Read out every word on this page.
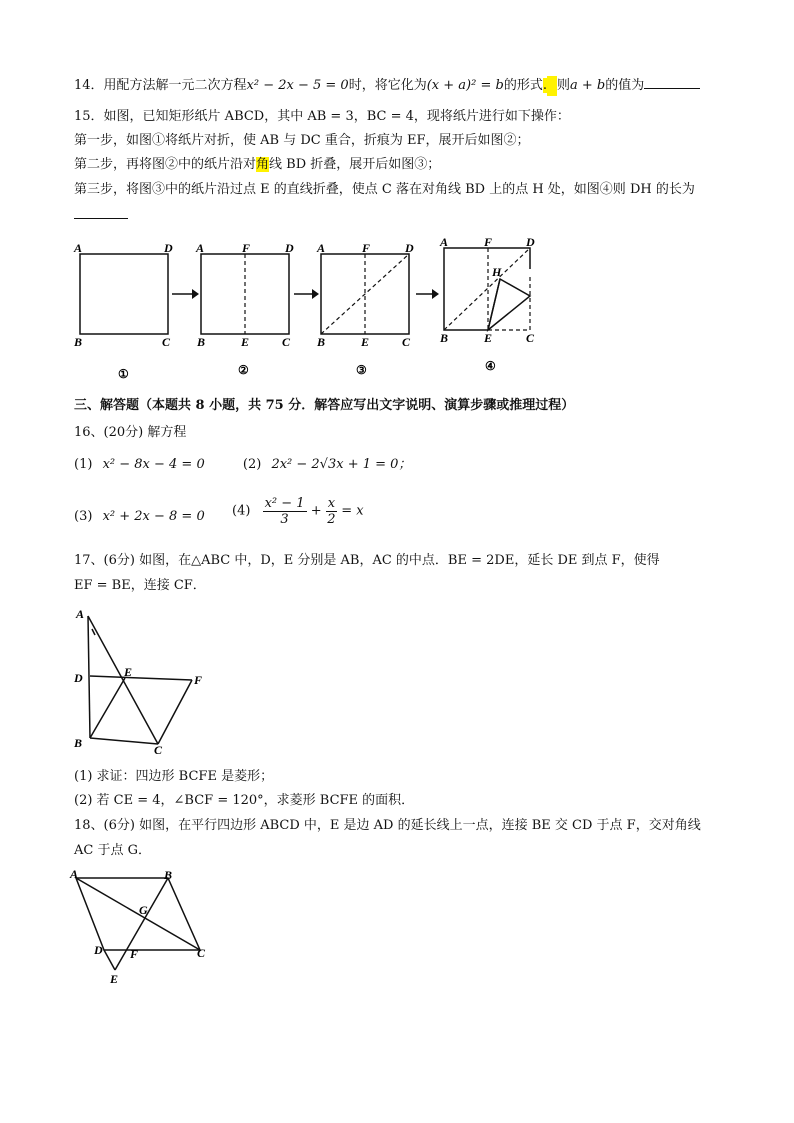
14．用配方法解一元二次方程x² − 2x − 5 = 0时，将它化为(x + a)² = b的形式. 则a + b的值为
15．如图，已知矩形纸片 ABCD，其中 AB = 3，BC = 4，现将纸片进行如下操作：
第一步，如图①将纸片对折，使 AB 与 DC 重合，折痕为 EF，展开后如图②；
第二步，再将图②中的纸片沿对角线 BD 折叠，展开后如图③；
第三步，将图③中的纸片沿过点 E 的直线折叠，使点 C 落在对角线 BD 上的点 H 处，如图④则 DH 的长为
A	D
B	C
A	F	D
B	E	C
A	F	D
B	E	C
A	F	D
H
B	E	C
①	②	③	④
三、解答题（本题共 8 小题，共 75 分．解答应写出文字说明、演算步骤或推理过程）
16、(20分) 解方程
(1) x² − 8x − 4 = 0	(2) 2x² − 2√3x + 1 = 0；
(3) x² + 2x − 8 = 0 $(4) \frac{\text{x² − 1}}{3} + \frac{x}{2} = x$
17、(6分) 如图，在△ABC 中，D，E 分别是 AB，AC 的中点．BE = 2DE，延长 DE 到点 F，使得
EF = BE，连接 CF．
A
D	E
F
B	C
(1) 求证：四边形 BCFE 是菱形；
(2) 若 CE = 4，∠BCF = 120°，求菱形 BCFE 的面积．
18、(6分) 如图，在平行四边形 ABCD 中，E 是边 AD 的延长线上一点，连接 BE 交 CD 于点 F，交对角线
AC 于点 G．
A	B
G
D F	C
E
